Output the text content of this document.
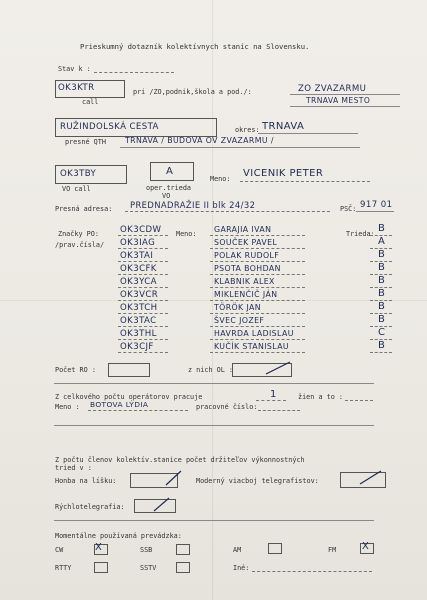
Prieskumný dotazník kolektívnych staníc na Slovensku.
Stav k :
OK3KTR
call
pri /ZO,podnik,škola a pod./:	ZO ZVAZARMU
TRNAVA MESTO
RUŽINDOLSKÁ CESTA
presné QTH TRNAVA / BUDOVA OV ZVAZARMU /
okres: TRNAVA
OK3TBY
VO call
A
oper.trieda
VO
Meno: VICENIK PETER
Presná adresa: PREDNADRAŽIE II blk 24/32	PSČ: 917 01
Značky PO:
/prav.čísla/
Meno:	Trieda:
OK3CDW	GARAJIA IVAN	B
OK3IAG	SOUČEK PAVEL	A
OK3TAI	POLAK RUDOLF	B
OK3CFK	PSOTA BOHDAN	B
OK3YCA	KLABNIK ALEX	B
OK3VCR	MIKLENČIČ JÁN	B
OK3TCH	TÖRÖK JAN	B
OK3TAC	ŠVEC JOZEF	B
OK3THL	HAVRDA LADISLAU	C
OK3CJF	KUČÍK STANISLAU	B
Počet RO :	z nich OL :
Z celkového počtu operátorov pracuje	1	žien a to :
Meno : BOTOVA LÝDIA	pracovné číslo:
Z počtu členov kolektív.stanice počet držiteľov výkonnostných
tried v :
Honba na líšku:	Moderný viacboj telegrafistov:
Rýchlotelegrafia:
Momentálne používaná prevádzka:
CW	X	SSB	AM	FM	X
RTTY	SSTV	Iné:
